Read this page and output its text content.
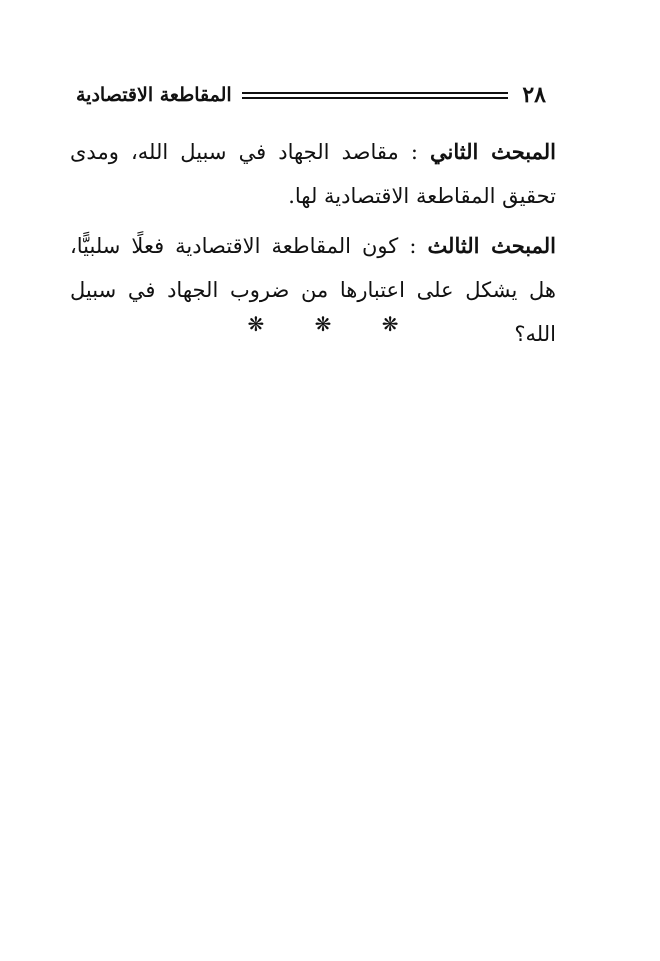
٢٨
المقاطعة الاقتصادية

المبحث الثاني : مقاصد الجهاد في سبيل الله، ومدى تحقيق المقاطعة الاقتصادية لها.

المبحث الثالث : كون المقاطعة الاقتصادية فعلًا سلبيًّا، هل يشكل على اعتبارها من ضروب الجهاد في سبيل الله؟

❋ ❋ ❋
